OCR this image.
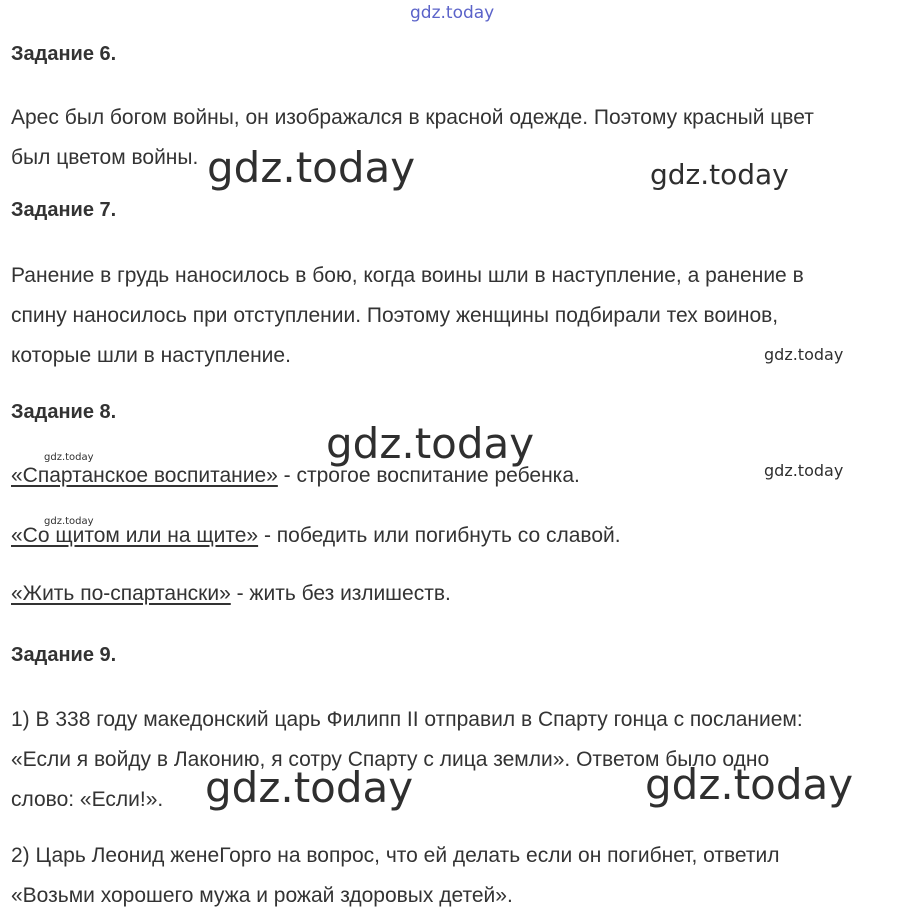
gdz.today
gdz.today	gdz.today
gdz.today
gdz.today
gdz.today
gdz.today
gdz.today
gdz.today	gdz.today
Задание 6.
Арес был богом войны, он изображался в красной одежде. Поэтому красный цвет
был цветом войны.
Задание 7.
Ранение в грудь наносилось в бою, когда воины шли в наступление, а ранение в
спину наносилось при отступлении. Поэтому женщины подбирали тех воинов,
которые шли в наступление.
Задание 8.
«Спартанское воспитание» - строгое воспитание ребенка.
«Со щитом или на щите» - победить или погибнуть со славой.
«Жить по-спартански» - жить без излишеств.
Задание 9.
1) В 338 году македонский царь Филипп II отправил в Спарту гонца с посланием:
«Если я войду в Лаконию, я сотру Спарту с лица земли». Ответом было одно
слово: «Если!».
2) Царь Леонид женеГорго на вопрос, что ей делать если он погибнет, ответил
«Возьми хорошего мужа и рожай здоровых детей».
